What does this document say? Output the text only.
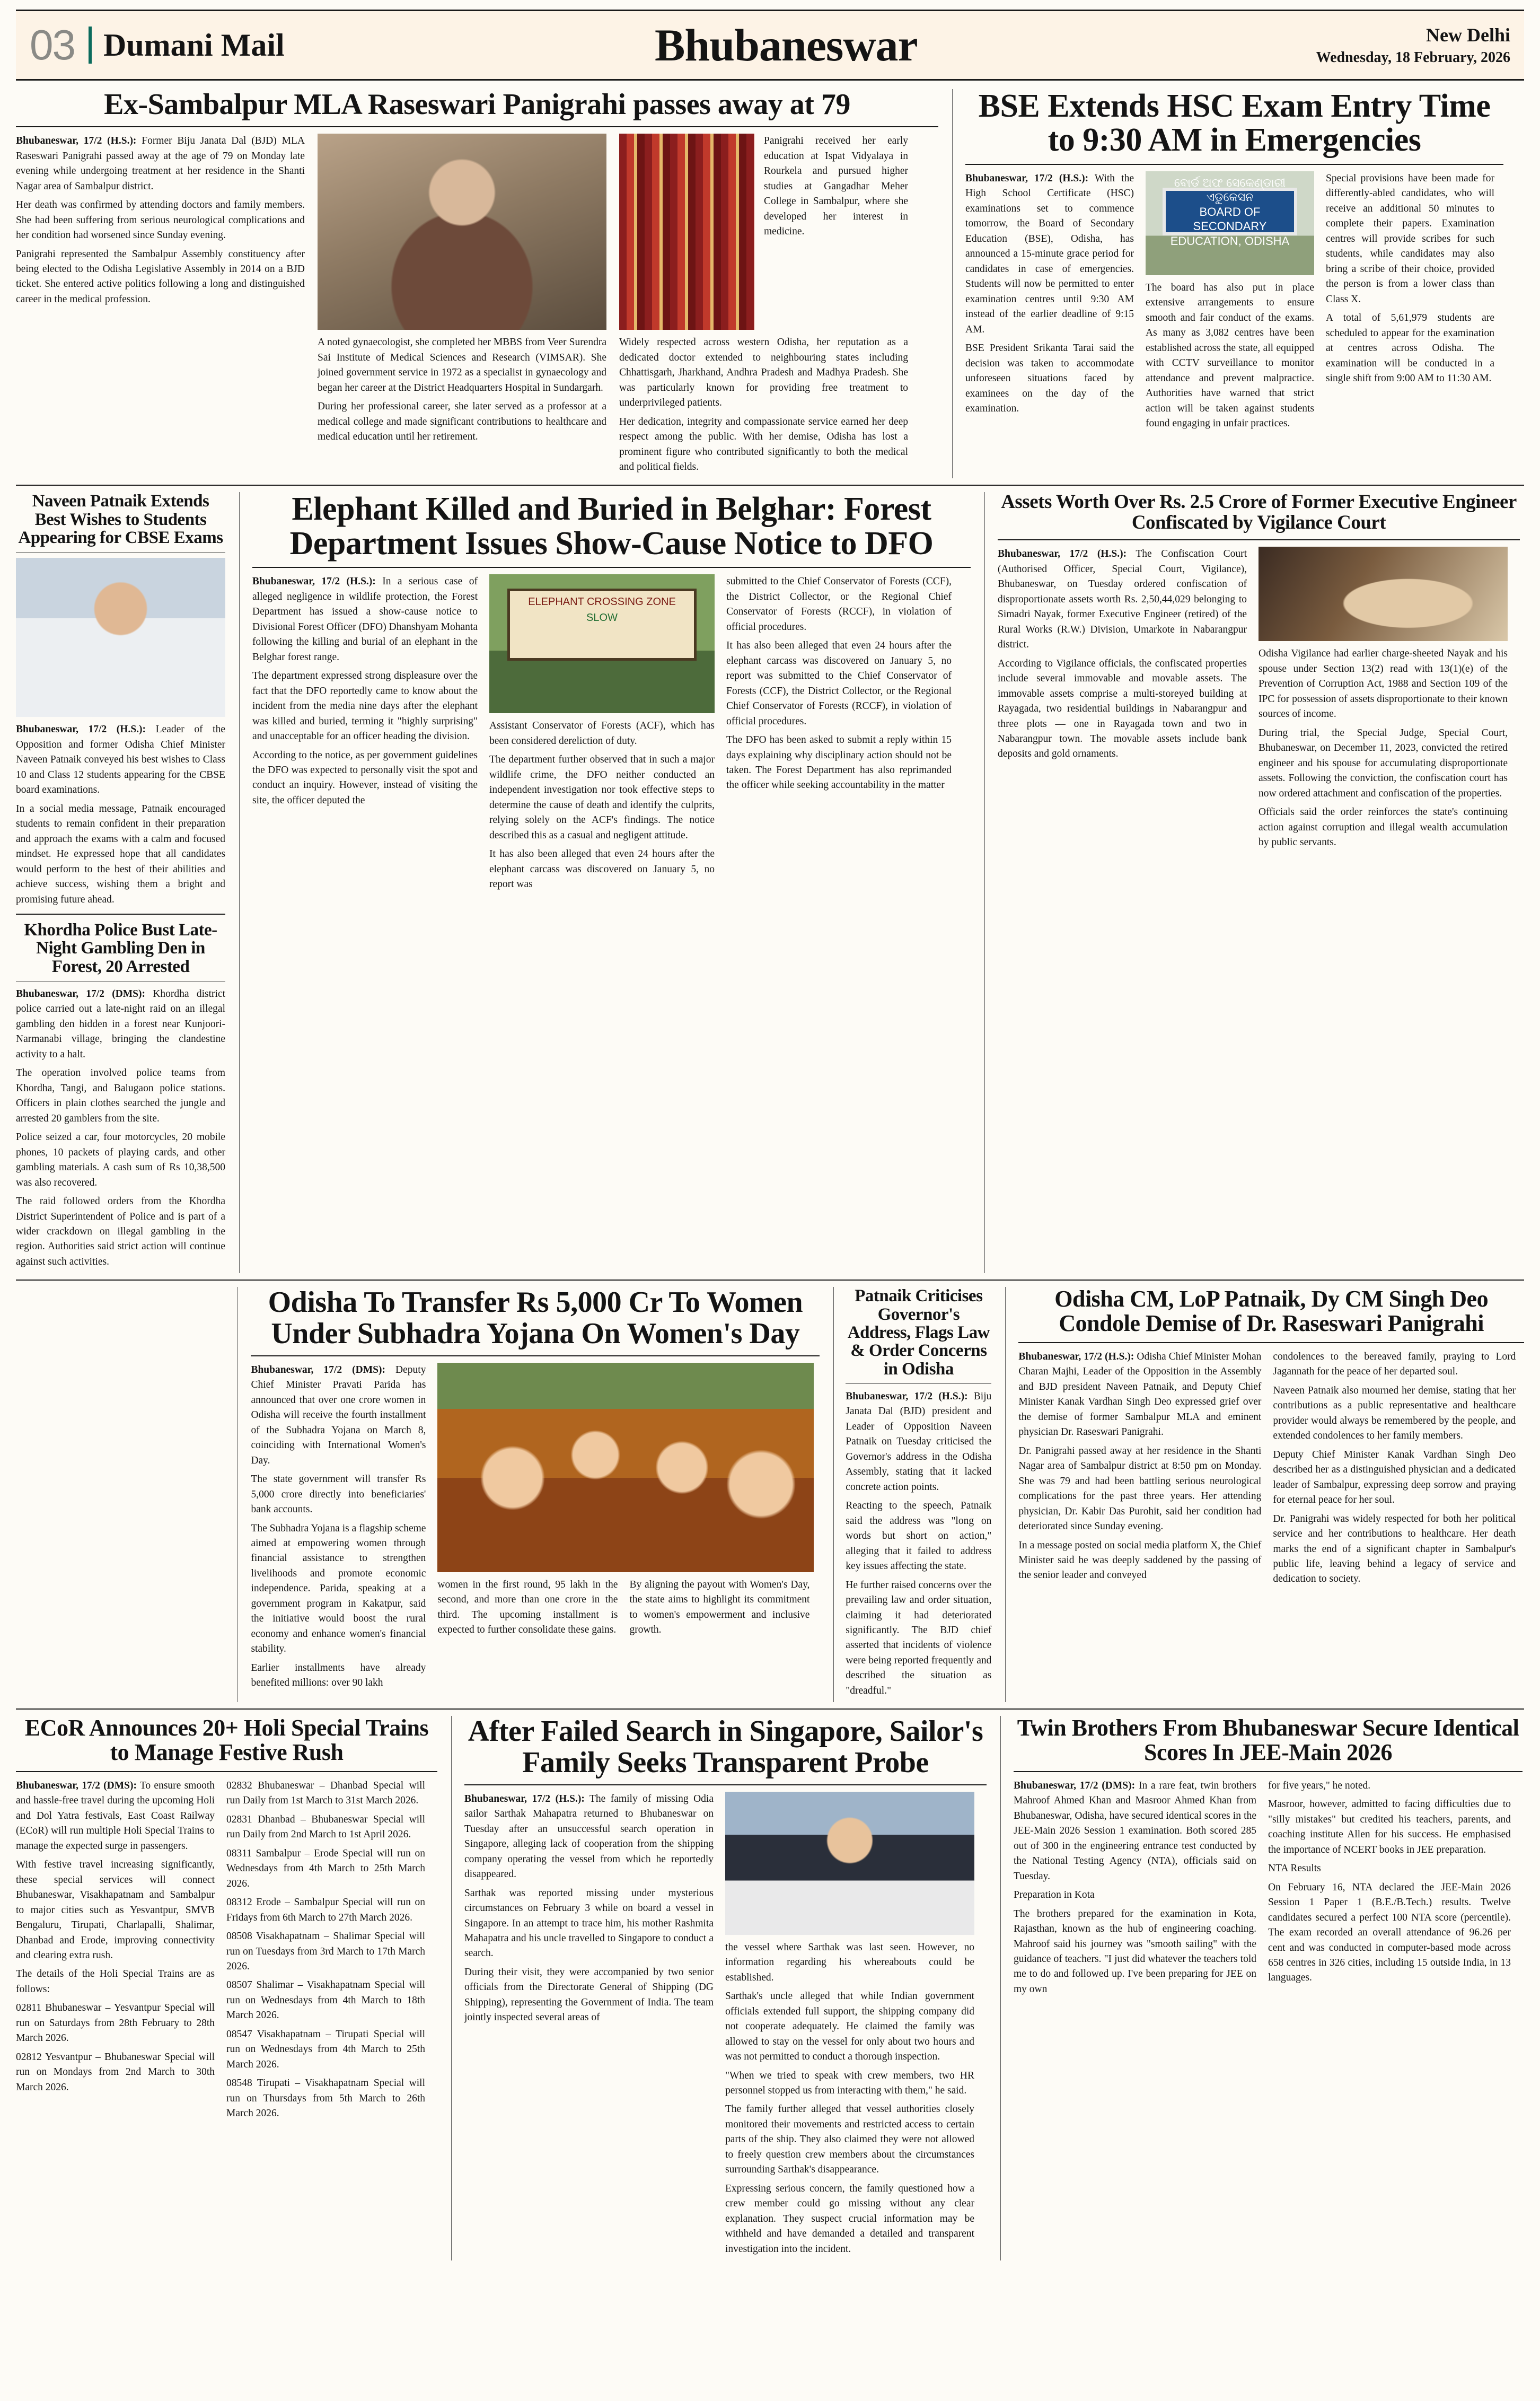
03 Dumani Mail	Bhubaneswar	New Delhi
Wednesday, 18 February, 2026
Ex-Sambalpur MLA Raseswari Panigrahi passes away at 79

Bhubaneswar, 17/2 (H.S.): Former Biju Janata Dal (BJD) MLA Raseswari Panigrahi passed away at the age of 79 on Monday late evening while undergoing treatment at her residence in the Shanti Nagar area of Sambalpur district.

Her death was confirmed by attending doctors and family members. She had been suffering from serious neurological complications and her condition had worsened since Sunday evening.

Panigrahi represented the Sambalpur Assembly constituency after being elected to the Odisha Legislative Assembly in 2014 on a BJD ticket. She entered active politics following a long and distinguished career in the medical profession.

A noted gynaecologist, she completed her MBBS from Veer Surendra Sai Institute of Medical Sciences and Research (VIMSAR). She joined government service in 1972 as a specialist in gynaecology and began her career at the District Headquarters Hospital in Sundargarh.

During her professional career, she later served as a professor at a medical college and made significant contributions to healthcare and medical education until her retirement.

Panigrahi received her early education at Ispat Vidyalaya in Rourkela and pursued higher studies at Gangadhar Meher College in Sambalpur, where she developed her interest in medicine.

Widely respected across western Odisha, her reputation as a dedicated doctor extended to neighbouring states including Chhattisgarh, Jharkhand, Andhra Pradesh and Madhya Pradesh. She was particularly known for providing free treatment to underprivileged patients.

Her dedication, integrity and compassionate service earned her deep respect among the public. With her demise, Odisha has lost a prominent figure who contributed significantly to both the medical and political fields.

BSE Extends HSC Exam Entry Time to 9:30 AM in Emergencies

Bhubaneswar, 17/2 (H.S.): With the High School Certificate (HSC) examinations set to commence tomorrow, the Board of Secondary Education (BSE), Odisha, has announced a 15-minute grace period for candidates in case of emergencies. Students will now be permitted to enter examination centres until 9:30 AM instead of the earlier deadline of 9:15 AM.

BSE President Srikanta Tarai said the decision was taken to accommodate unforeseen situations faced by examinees on the day of the examination.

ବୋର୍ଡ ଅଫ ସେକେଣ୍ଡାରୀ ଏଡୁକେସନ
BOARD OF SECONDARY EDUCATION, ODISHA

The board has also put in place extensive arrangements to ensure smooth and fair conduct of the exams. As many as 3,082 centres have been established across the state, all equipped with CCTV surveillance to monitor attendance and prevent malpractice. Authorities have warned that strict action will be taken against students found engaging in unfair practices.

Special provisions have been made for differently-abled candidates, who will receive an additional 50 minutes to complete their papers. Examination centres will provide scribes for such students, while candidates may also bring a scribe of their choice, provided the person is from a lower class than Class X.

A total of 5,61,979 students are scheduled to appear for the examination at centres across Odisha. The examination will be conducted in a single shift from 9:00 AM to 11:30 AM.

Naveen Patnaik Extends Best Wishes to Students Appearing for CBSE Exams

Bhubaneswar, 17/2 (H.S.): Leader of the Opposition and former Odisha Chief Minister Naveen Patnaik conveyed his best wishes to Class 10 and Class 12 students appearing for the CBSE board examinations.

In a social media message, Patnaik encouraged students to remain confident in their preparation and approach the exams with a calm and focused mindset. He expressed hope that all candidates would perform to the best of their abilities and achieve success, wishing them a bright and promising future ahead.

Khordha Police Bust Late-Night Gambling Den in Forest, 20 Arrested

Bhubaneswar, 17/2 (DMS): Khordha district police carried out a late-night raid on an illegal gambling den hidden in a forest near Kunjoori-Narmanabi village, bringing the clandestine activity to a halt.

The operation involved police teams from Khordha, Tangi, and Balugaon police stations. Officers in plain clothes searched the jungle and arrested 20 gamblers from the site.

Police seized a car, four motorcycles, 20 mobile phones, 10 packets of playing cards, and other gambling materials. A cash sum of Rs 10,38,500 was also recovered.

The raid followed orders from the Khordha District Superintendent of Police and is part of a wider crackdown on illegal gambling in the region. Authorities said strict action will continue against such activities.

Elephant Killed and Buried in Belghar: Forest Department Issues Show-Cause Notice to DFO

Bhubaneswar, 17/2 (H.S.): In a serious case of alleged negligence in wildlife protection, the Forest Department has issued a show-cause notice to Divisional Forest Officer (DFO) Dhanshyam Mohanta following the killing and burial of an elephant in the Belghar forest range.

The department expressed strong displeasure over the fact that the DFO reportedly came to know about the incident from the media nine days after the elephant was killed and buried, terming it "highly surprising" and unacceptable for an officer heading the division.

According to the notice, as per government guidelines the DFO was expected to personally visit the spot and conduct an inquiry. However, instead of visiting the site, the officer deputed the

ELEPHANT CROSSING ZONE
SLOW

Assistant Conservator of Forests (ACF), which has been considered dereliction of duty.

The department further observed that in such a major wildlife crime, the DFO neither conducted an independent investigation nor took effective steps to determine the cause of death and identify the culprits, relying solely on the ACF's findings. The notice described this as a casual and negligent attitude.

It has also been alleged that even 24 hours after the elephant carcass was discovered on January 5, no report was

submitted to the Chief Conservator of Forests (CCF), the District Collector, or the Regional Chief Conservator of Forests (RCCF), in violation of official procedures.

It has also been alleged that even 24 hours after the elephant carcass was discovered on January 5, no report was submitted to the Chief Conservator of Forests (CCF), the District Collector, or the Regional Chief Conservator of Forests (RCCF), in violation of official procedures.

The DFO has been asked to submit a reply within 15 days explaining why disciplinary action should not be taken. The Forest Department has also reprimanded the officer while seeking accountability in the matter

Assets Worth Over Rs. 2.5 Crore of Former Executive Engineer Confiscated by Vigilance Court

Bhubaneswar, 17/2 (H.S.): The Confiscation Court (Authorised Officer, Special Court, Vigilance), Bhubaneswar, on Tuesday ordered confiscation of disproportionate assets worth Rs. 2,50,44,029 belonging to Simadri Nayak, former Executive Engineer (retired) of the Rural Works (R.W.) Division, Umarkote in Nabarangpur district.

According to Vigilance officials, the confiscated properties include several immovable and movable assets. The immovable assets comprise a multi-storeyed building at Rayagada, two residential buildings in Nabarangpur and three plots — one in Rayagada town and two in Nabarangpur town. The movable assets include bank deposits and gold ornaments.

Odisha Vigilance had earlier charge-sheeted Nayak and his spouse under Section 13(2) read with 13(1)(e) of the Prevention of Corruption Act, 1988 and Section 109 of the IPC for possession of assets disproportionate to their known sources of income.

During trial, the Special Judge, Special Court, Bhubaneswar, on December 11, 2023, convicted the retired engineer and his spouse for accumulating disproportionate assets. Following the conviction, the confiscation court has now ordered attachment and confiscation of the properties.

Officials said the order reinforces the state's continuing action against corruption and illegal wealth accumulation by public servants.

Odisha To Transfer Rs 5,000 Cr To Women Under Subhadra Yojana On Women's Day

Bhubaneswar, 17/2 (DMS): Deputy Chief Minister Pravati Parida has announced that over one crore women in Odisha will receive the fourth installment of the Subhadra Yojana on March 8, coinciding with International Women's Day.

The state government will transfer Rs 5,000 crore directly into beneficiaries' bank accounts.

The Subhadra Yojana is a flagship scheme aimed at empowering women through financial assistance to strengthen livelihoods and promote economic independence. Parida, speaking at a government program in Kakatpur, said the initiative would boost the rural economy and enhance women's financial stability.

Earlier installments have already benefited millions: over 90 lakh

women in the first round, 95 lakh in the second, and more than one crore in the third. The upcoming installment is expected to further consolidate these gains.

By aligning the payout with Women's Day, the state aims to highlight its commitment to women's empowerment and inclusive growth.

Patnaik Criticises Governor's Address, Flags Law & Order Concerns in Odisha

Bhubaneswar, 17/2 (H.S.): Biju Janata Dal (BJD) president and Leader of Opposition Naveen Patnaik on Tuesday criticised the Governor's address in the Odisha Assembly, stating that it lacked concrete action points.

Reacting to the speech, Patnaik said the address was "long on words but short on action," alleging that it failed to address key issues affecting the state.

He further raised concerns over the prevailing law and order situation, claiming it had deteriorated significantly. The BJD chief asserted that incidents of violence were being reported frequently and described the situation as "dreadful."

Odisha CM, LoP Patnaik, Dy CM Singh Deo Condole Demise of Dr. Raseswari Panigrahi

Bhubaneswar, 17/2 (H.S.): Odisha Chief Minister Mohan Charan Majhi, Leader of the Opposition in the Assembly and BJD president Naveen Patnaik, and Deputy Chief Minister Kanak Vardhan Singh Deo expressed grief over the demise of former Sambalpur MLA and eminent physician Dr. Raseswari Panigrahi.

Dr. Panigrahi passed away at her residence in the Shanti Nagar area of Sambalpur district at 8:50 pm on Monday. She was 79 and had been battling serious neurological complications for the past three years. Her attending physician, Dr. Kabir Das Purohit, said her condition had deteriorated since Sunday evening.

In a message posted on social media platform X, the Chief Minister said he was deeply saddened by the passing of the senior leader and conveyed

condolences to the bereaved family, praying to Lord Jagannath for the peace of her departed soul.

Naveen Patnaik also mourned her demise, stating that her contributions as a public representative and healthcare provider would always be remembered by the people, and extended condolences to her family members.

Deputy Chief Minister Kanak Vardhan Singh Deo described her as a distinguished physician and a dedicated leader of Sambalpur, expressing deep sorrow and praying for eternal peace for her soul.

Dr. Panigrahi was widely respected for both her political service and her contributions to healthcare. Her death marks the end of a significant chapter in Sambalpur's public life, leaving behind a legacy of service and dedication to society.

ECoR Announces 20+ Holi Special Trains to Manage Festive Rush

Bhubaneswar, 17/2 (DMS): To ensure smooth and hassle-free travel during the upcoming Holi and Dol Yatra festivals, East Coast Railway (ECoR) will run multiple Holi Special Trains to manage the expected surge in passengers.

With festive travel increasing significantly, these special services will connect Bhubaneswar, Visakhapatnam and Sambalpur to major cities such as Yesvantpur, SMVB Bengaluru, Tirupati, Charlapalli, Shalimar, Dhanbad and Erode, improving connectivity and clearing extra rush.

The details of the Holi Special Trains are as follows:

02811 Bhubaneswar – Yesvantpur Special will run on Saturdays from 28th February to 28th March 2026.

02812 Yesvantpur – Bhubaneswar Special will run on Mondays from 2nd March to 30th March 2026.

02832 Bhubaneswar – Dhanbad Special will run Daily from 1st March to 31st March 2026.

02831 Dhanbad – Bhubaneswar Special will run Daily from 2nd March to 1st April 2026.

08311 Sambalpur – Erode Special will run on Wednesdays from 4th March to 25th March 2026.

08312 Erode – Sambalpur Special will run on Fridays from 6th March to 27th March 2026.

08508 Visakhapatnam – Shalimar Special will run on Tuesdays from 3rd March to 17th March 2026.

08507 Shalimar – Visakhapatnam Special will run on Wednesdays from 4th March to 18th March 2026.

08547 Visakhapatnam – Tirupati Special will run on Wednesdays from 4th March to 25th March 2026.

08548 Tirupati – Visakhapatnam Special will run on Thursdays from 5th March to 26th March 2026.

After Failed Search in Singapore, Sailor's Family Seeks Transparent Probe

Bhubaneswar, 17/2 (H.S.): The family of missing Odia sailor Sarthak Mahapatra returned to Bhubaneswar on Tuesday after an unsuccessful search operation in Singapore, alleging lack of cooperation from the shipping company operating the vessel from which he reportedly disappeared.

Sarthak was reported missing under mysterious circumstances on February 3 while on board a vessel in Singapore. In an attempt to trace him, his mother Rashmita Mahapatra and his uncle travelled to Singapore to conduct a search.

During their visit, they were accompanied by two senior officials from the Directorate General of Shipping (DG Shipping), representing the Government of India. The team jointly inspected several areas of

the vessel where Sarthak was last seen. However, no information regarding his whereabouts could be established.

Sarthak's uncle alleged that while Indian government officials extended full support, the shipping company did not cooperate adequately. He claimed the family was allowed to stay on the vessel for only about two hours and was not permitted to conduct a thorough inspection.

"When we tried to speak with crew members, two HR personnel stopped us from interacting with them," he said.

The family further alleged that vessel authorities closely monitored their movements and restricted access to certain parts of the ship. They also claimed they were not allowed to freely question crew members about the circumstances surrounding Sarthak's disappearance.

Expressing serious concern, the family questioned how a crew member could go missing without any clear explanation. They suspect crucial information may be withheld and have demanded a detailed and transparent investigation into the incident.

Twin Brothers From Bhubaneswar Secure Identical Scores In JEE-Main 2026

Bhubaneswar, 17/2 (DMS): In a rare feat, twin brothers Mahroof Ahmed Khan and Masroor Ahmed Khan from Bhubaneswar, Odisha, have secured identical scores in the JEE-Main 2026 Session 1 examination. Both scored 285 out of 300 in the engineering entrance test conducted by the National Testing Agency (NTA), officials said on Tuesday.

Preparation in Kota

The brothers prepared for the examination in Kota, Rajasthan, known as the hub of engineering coaching. Mahroof said his journey was "smooth sailing" with the guidance of teachers. "I just did whatever the teachers told me to do and followed up. I've been preparing for JEE on my own

for five years," he noted.

Masroor, however, admitted to facing difficulties due to "silly mistakes" but credited his teachers, parents, and coaching institute Allen for his success. He emphasised the importance of NCERT books in JEE preparation.

NTA Results

On February 16, NTA declared the JEE-Main 2026 Session 1 Paper 1 (B.E./B.Tech.) results. Twelve candidates secured a perfect 100 NTA score (percentile). The exam recorded an overall attendance of 96.26 per cent and was conducted in computer-based mode across 658 centres in 326 cities, including 15 outside India, in 13 languages.
